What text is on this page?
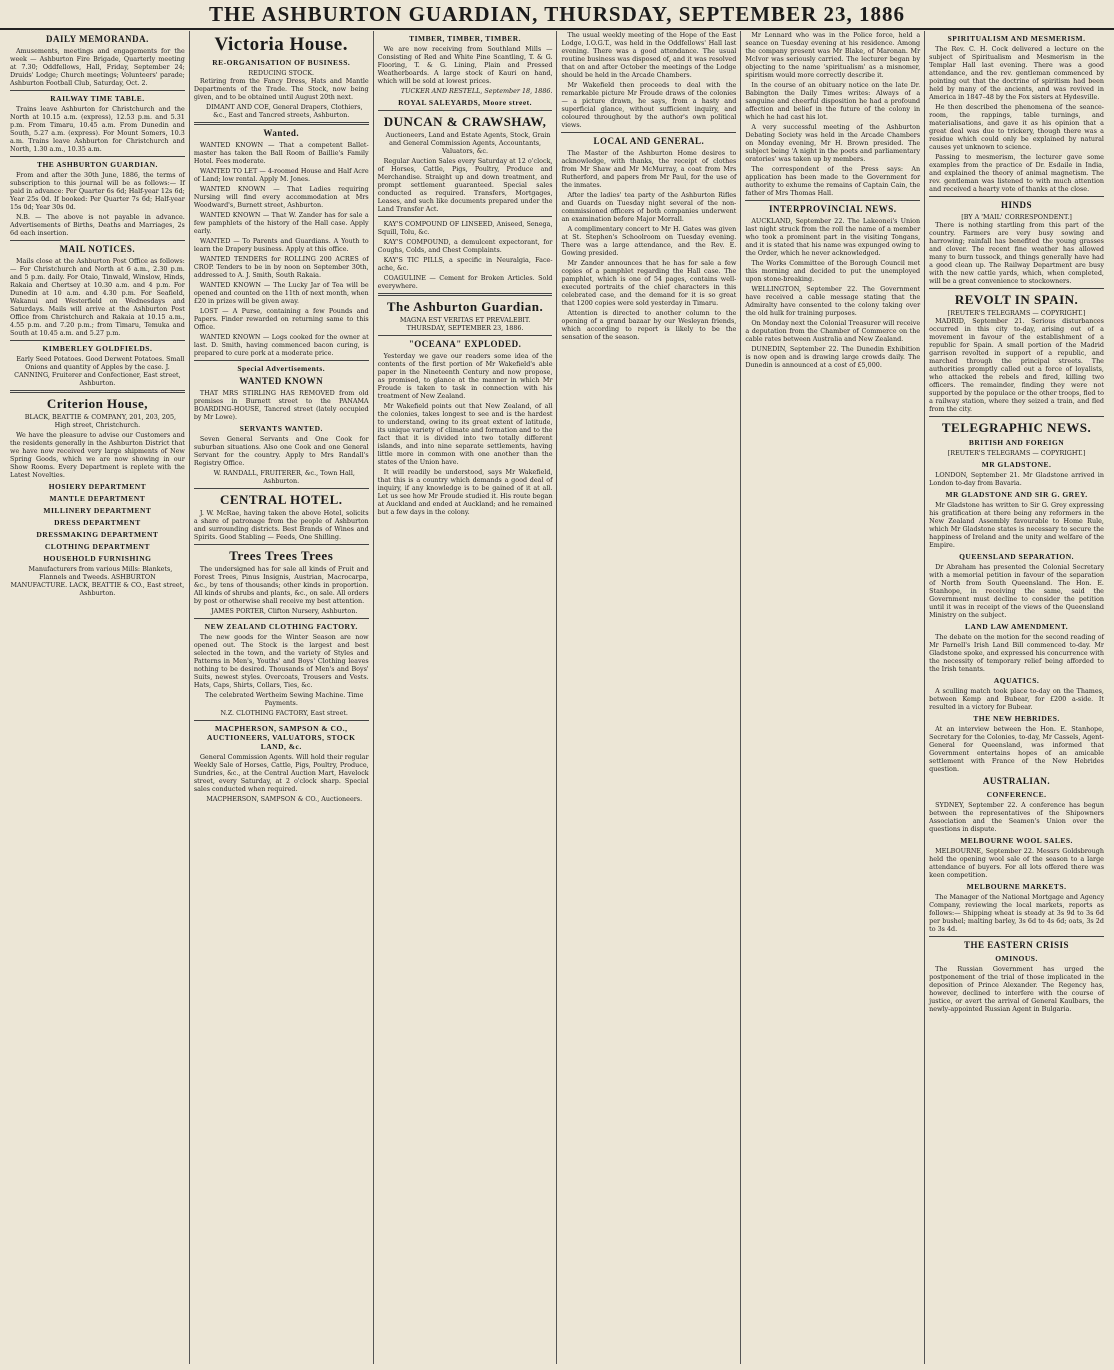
THE ASHBURTON GUARDIAN, THURSDAY, SEPTEMBER 23, 1886
DAILY MEMORANDA.

Amusements, meetings and engagements for the week — Ashburton Fire Brigade, Quarterly meeting at 7.30; Oddfellows, Hall, Friday, September 24; Druids' Lodge; Church meetings; Volunteers' parade; Ashburton Football Club, Saturday, Oct. 2.

RAILWAY TIME TABLE.

Trains leave Ashburton for Christchurch and the North at 10.15 a.m. (express), 12.53 p.m. and 5.31 p.m. From Timaru, 10.45 a.m. From Dunedin and South, 5.27 a.m. (express). For Mount Somers, 10.3 a.m. Trains leave Ashburton for Christchurch and North, 1.30 a.m., 10.35 a.m.

THE ASHBURTON GUARDIAN.

From and after the 30th June, 1886, the terms of subscription to this journal will be as follows:— If paid in advance: Per Quarter 6s 6d; Half-year 12s 6d; Year 25s 0d. If booked: Per Quarter 7s 6d; Half-year 15s 0d; Year 30s 0d.

N.B. — The above is not payable in advance. Advertisements of Births, Deaths and Marriages, 2s 6d each insertion.

MAIL NOTICES.

Mails close at the Ashburton Post Office as follows:— For Christchurch and North at 6 a.m., 2.30 p.m. and 5 p.m. daily. For Otaio, Tinwald, Winslow, Hinds, Rakaia and Chertsey at 10.30 a.m. and 4 p.m. For Dunedin at 10 a.m. and 4.30 p.m. For Seafield, Wakanui and Westerfield on Wednesdays and Saturdays. Mails will arrive at the Ashburton Post Office from Christchurch and Rakaia at 10.15 a.m., 4.55 p.m. and 7.20 p.m.; from Timaru, Temuka and South at 10.45 a.m. and 5.27 p.m.

KIMBERLEY GOLDFIELDS.

Early Seed Potatoes. Good Derwent Potatoes. Small Onions and quantity of Apples by the case. J. CANNING, Fruiterer and Confectioner, East street, Ashburton.

Criterion House,

BLACK, BEATTIE & COMPANY, 201, 203, 205, High street, Christchurch.

We have the pleasure to advise our Customers and the residents generally in the Ashburton District that we have now received very large shipments of New Spring Goods, which we are now showing in our Show Rooms. Every Department is replete with the Latest Novelties.

HOSIERY DEPARTMENT
MANTLE DEPARTMENT
MILLINERY DEPARTMENT
DRESS DEPARTMENT
DRESSMAKING DEPARTMENT
CLOTHING DEPARTMENT
HOUSEHOLD FURNISHING

Manufacturers from various Mills: Blankets, Flannels and Tweeds. ASHBURTON MANUFACTURE. LACK, BEATTIE & CO., East street, Ashburton.

Victoria House.
RE-ORGANISATION OF BUSINESS.
REDUCING STOCK.

Retiring from the Fancy Dress, Hats and Mantle Departments of the Trade. The Stock, now being given, and to be obtained until August 20th next.

DIMANT AND COE, General Drapers, Clothiers, &c., East and Tancred streets, Ashburton.

Wanted.

WANTED KNOWN — That a competent Ballet-master has taken the Ball Room of Baillie's Family Hotel. Fees moderate.

WANTED TO LET — 4-roomed House and Half Acre of Land; low rental. Apply M. Jones.

WANTED KNOWN — That Ladies requiring Nursing will find every accommodation at Mrs Woodward's, Burnett street, Ashburton.

WANTED KNOWN — That W. Zander has for sale a few pamphlets of the history of the Hall case. Apply early.

WANTED — To Parents and Guardians. A Youth to learn the Drapery business. Apply at this office.

WANTED TENDERS for ROLLING 200 ACRES of CROP. Tenders to be in by noon on September 30th, addressed to A. J. Smith, South Rakaia.

WANTED KNOWN — The Lucky Jar of Tea will be opened and counted on the 11th of next month, when £20 in prizes will be given away.

LOST — A Purse, containing a few Pounds and Papers. Finder rewarded on returning same to this Office.

WANTED KNOWN — Logs cooked for the owner at last. D. Smith, having commenced bacon curing, is prepared to cure pork at a moderate price.

Special Advertisements.
WANTED KNOWN

THAT MRS STIRLING HAS REMOVED from old premises in Burnett street to the PANAMA BOARDING-HOUSE, Tancred street (lately occupied by Mr Lowe).

SERVANTS WANTED.

Seven General Servants and One Cook for suburban situations. Also one Cook and one General Servant for the country. Apply to Mrs Randall's Registry Office.

W. RANDALL, FRUITERER, &c., Town Hall, Ashburton.

CENTRAL HOTEL.

J. W. McRae, having taken the above Hotel, solicits a share of patronage from the people of Ashburton and surrounding districts. Best Brands of Wines and Spirits. Good Stabling — Feeds, One Shilling.

Trees Trees Trees

The undersigned has for sale all kinds of Fruit and Forest Trees, Pinus Insignis, Austrian, Macrocarpa, &c., by tens of thousands; other kinds in proportion. All kinds of shrubs and plants, &c., on sale. All orders by post or otherwise shall receive my best attention.

JAMES PORTER, Clifton Nursery, Ashburton.

NEW ZEALAND CLOTHING FACTORY.

The new goods for the Winter Season are now opened out. The Stock is the largest and best selected in the town, and the variety of Styles and Patterns in Men's, Youths' and Boys' Clothing leaves nothing to be desired. Thousands of Men's and Boys' Suits, newest styles. Overcoats, Trousers and Vests. Hats, Caps, Shirts, Collars, Ties, &c.

The celebrated Wertheim Sewing Machine. Time Payments.

N.Z. CLOTHING FACTORY, East street.

MACPHERSON, SAMPSON & CO., AUCTIONEERS, VALUATORS, STOCK LAND, &c.

General Commission Agents. Will hold their regular Weekly Sale of Horses, Cattle, Pigs, Poultry, Produce, Sundries, &c., at the Central Auction Mart, Havelock street, every Saturday, at 2 o'clock sharp. Special sales conducted when required.

MACPHERSON, SAMPSON & CO., Auctioneers.

TIMBER, TIMBER, TIMBER.

We are now receiving from Southland Mills — Consisting of Red and White Pine Scantling, T. & G. Flooring, T. & G. Lining, Plain and Pressed Weatherboards. A large stock of Kauri on hand, which will be sold at lowest prices.

TUCKER AND RESTELL, September 18, 1886.

ROYAL SALEYARDS, Moore street.
DUNCAN & CRAWSHAW,

Auctioneers, Land and Estate Agents, Stock, Grain and General Commission Agents, Accountants, Valuators, &c.

Regular Auction Sales every Saturday at 12 o'clock, of Horses, Cattle, Pigs, Poultry, Produce and Merchandise. Straight up and down treatment, and prompt settlement guaranteed. Special sales conducted as required. Transfers, Mortgages, Leases, and such like documents prepared under the Land Transfer Act.

KAY'S COMPOUND OF LINSEED, Aniseed, Senega, Squill, Tolu, &c.

KAY'S COMPOUND, a demulcent expectorant, for Coughs, Colds, and Chest Complaints.

KAY'S TIC PILLS, a specific in Neuralgia, Face-ache, &c.

COAGULINE — Cement for Broken Articles. Sold everywhere.

The Ashburton Guardian.
MAGNA EST VERITAS ET PREVALEBIT.
THURSDAY, SEPTEMBER 23, 1886.
"OCEANA" EXPLODED.

Yesterday we gave our readers some idea of the contents of the first portion of Mr Wakefield's able paper in the Nineteenth Century and now propose, as promised, to glance at the manner in which Mr Froude is taken to task in connection with his treatment of New Zealand.

Mr Wakefield points out that New Zealand, of all the colonies, takes longest to see and is the hardest to understand, owing to its great extent of latitude, its unique variety of climate and formation and to the fact that it is divided into two totally different islands, and into nine separate settlements, having little more in common with one another than the states of the Union have.

It will readily be understood, says Mr Wakefield, that this is a country which demands a good deal of inquiry, if any knowledge is to be gained of it at all. Let us see how Mr Froude studied it. His route began at Auckland and ended at Auckland; and he remained but a few days in the colony.

The usual weekly meeting of the Hope of the East Lodge, I.O.G.T., was held in the Oddfellows' Hall last evening. There was a good attendance. The usual routine business was disposed of, and it was resolved that on and after October the meetings of the Lodge should be held in the Arcade Chambers.

Mr Wakefield then proceeds to deal with the remarkable picture Mr Froude draws of the colonies — a picture drawn, he says, from a hasty and superficial glance, without sufficient inquiry, and coloured throughout by the author's own political views.

LOCAL AND GENERAL.

The Master of the Ashburton Home desires to acknowledge, with thanks, the receipt of clothes from Mr Shaw and Mr McMurray, a coat from Mrs Rutherford, and papers from Mr Paul, for the use of the inmates.

After the ladies' tea party of the Ashburton Rifles and Guards on Tuesday night several of the non-commissioned officers of both companies underwent an examination before Major Morrall.

A complimentary concert to Mr H. Gates was given at St. Stephen's Schoolroom on Tuesday evening. There was a large attendance, and the Rev. E. Gowing presided.

Mr Zander announces that he has for sale a few copies of a pamphlet regarding the Hall case. The pamphlet, which is one of 54 pages, contains well-executed portraits of the chief characters in this celebrated case, and the demand for it is so great that 1200 copies were sold yesterday in Timaru.

Attention is directed to another column to the opening of a grand bazaar by our Wesleyan friends, which according to report is likely to be the sensation of the season.

Mr Lennard who was in the Police force, held a seance on Tuesday evening at his residence. Among the company present was Mr Blake, of Maronan. Mr McIvor was seriously carried. The lecturer began by objecting to the name 'spiritualism' as a misnomer, spiritism would more correctly describe it.

In the course of an obituary notice on the late Dr. Babington the Daily Times writes: Always of a sanguine and cheerful disposition he had a profound affection and belief in the future of the colony in which he had cast his lot.

A very successful meeting of the Ashburton Debating Society was held in the Arcade Chambers on Monday evening, Mr H. Brown presided. The subject being 'A night in the poets and parliamentary oratories' was taken up by members.

The correspondent of the Press says: An application has been made to the Government for authority to exhume the remains of Captain Cain, the father of Mrs Thomas Hall.

INTERPROVINCIAL NEWS.

AUCKLAND, September 22. The Lakeonei's Union last night struck from the roll the name of a member who took a prominent part in the visiting Tongans, and it is stated that his name was expunged owing to the Order, which he never acknowledged.

The Works Committee of the Borough Council met this morning and decided to put the unemployed upon stone-breaking.

WELLINGTON, September 22. The Government have received a cable message stating that the Admiralty have consented to the colony taking over the old hulk for training purposes.

On Monday next the Colonial Treasurer will receive a deputation from the Chamber of Commerce on the cable rates between Australia and New Zealand.

DUNEDIN, September 22. The Dunedin Exhibition is now open and is drawing large crowds daily. The Dunedin is announced at a cost of £5,000.

SPIRITUALISM AND MESMERISM.

The Rev. C. H. Cock delivered a lecture on the subject of Spiritualism and Mesmerism in the Templar Hall last evening. There was a good attendance, and the rev. gentleman commenced by pointing out that the doctrine of spiritism had been held by many of the ancients, and was revived in America in 1847–48 by the Fox sisters at Hydesville.

He then described the phenomena of the seance-room, the rappings, table turnings, and materialisations, and gave it as his opinion that a great deal was due to trickery, though there was a residue which could only be explained by natural causes yet unknown to science.

Passing to mesmerism, the lecturer gave some examples from the practice of Dr. Esdaile in India, and explained the theory of animal magnetism. The rev. gentleman was listened to with much attention and received a hearty vote of thanks at the close.

HINDS
[BY A 'MAIL' CORRESPONDENT.]

There is nothing startling from this part of the country. Farmers are very busy sowing and harrowing; rainfall has benefited the young grasses and clover. The recent fine weather has allowed many to burn tussock, and things generally have had a good clean up. The Railway Department are busy with the new cattle yards, which, when completed, will be a great convenience to stockowners.

REVOLT IN SPAIN.
[REUTER'S TELEGRAMS — COPYRIGHT.]

MADRID, September 21. Serious disturbances occurred in this city to-day, arising out of a movement in favour of the establishment of a republic for Spain. A small portion of the Madrid garrison revolted in support of a republic, and marched through the principal streets. The authorities promptly called out a force of loyalists, who attacked the rebels and fired, killing two officers. The remainder, finding they were not supported by the populace or the other troops, fled to a railway station, where they seized a train, and fled from the city.

TELEGRAPHIC NEWS.
BRITISH AND FOREIGN
[REUTER'S TELEGRAMS — COPYRIGHT.]
MR GLADSTONE.

LONDON, September 21. Mr Gladstone arrived in London to-day from Bavaria.

MR GLADSTONE AND SIR G. GREY.

Mr Gladstone has written to Sir G. Grey expressing his gratification at there being any reformers in the New Zealand Assembly favourable to Home Rule, which Mr Gladstone states is necessary to secure the happiness of Ireland and the unity and welfare of the Empire.

QUEENSLAND SEPARATION.

Dr Abraham has presented the Colonial Secretary with a memorial petition in favour of the separation of North from South Queensland. The Hon. E. Stanhope, in receiving the same, said the Government must decline to consider the petition until it was in receipt of the views of the Queensland Ministry on the subject.

LAND LAW AMENDMENT.

The debate on the motion for the second reading of Mr Parnell's Irish Land Bill commenced to-day. Mr Gladstone spoke, and expressed his concurrence with the necessity of temporary relief being afforded to the Irish tenants.

AQUATICS.

A sculling match took place to-day on the Thames, between Kemp and Bubear, for £200 a-side. It resulted in a victory for Bubear.

THE NEW HEBRIDES.

At an interview between the Hon. E. Stanhope, Secretary for the Colonies, to-day, Mr Cassels, Agent-General for Queensland, was informed that Government entertains hopes of an amicable settlement with France of the New Hebrides question.

AUSTRALIAN.
CONFERENCE.

SYDNEY, September 22. A conference has begun between the representatives of the Shipowners Association and the Seamen's Union over the questions in dispute.

MELBOURNE WOOL SALES.

MELBOURNE, September 22. Messrs Goldsbrough held the opening wool sale of the season to a large attendance of buyers. For all lots offered there was keen competition.

MELBOURNE MARKETS.

The Manager of the National Mortgage and Agency Company, reviewing the local markets, reports as follows:— Shipping wheat is steady at 3s 9d to 3s 6d per bushel; malting barley, 3s 6d to 4s 6d; oats, 3s 2d to 3s 4d.

THE EASTERN CRISIS
OMINOUS.

The Russian Government has urged the postponement of the trial of those implicated in the deposition of Prince Alexander. The Regency has, however, declined to interfere with the course of justice, or avert the arrival of General Kaulbars, the newly-appointed Russian Agent in Bulgaria.
